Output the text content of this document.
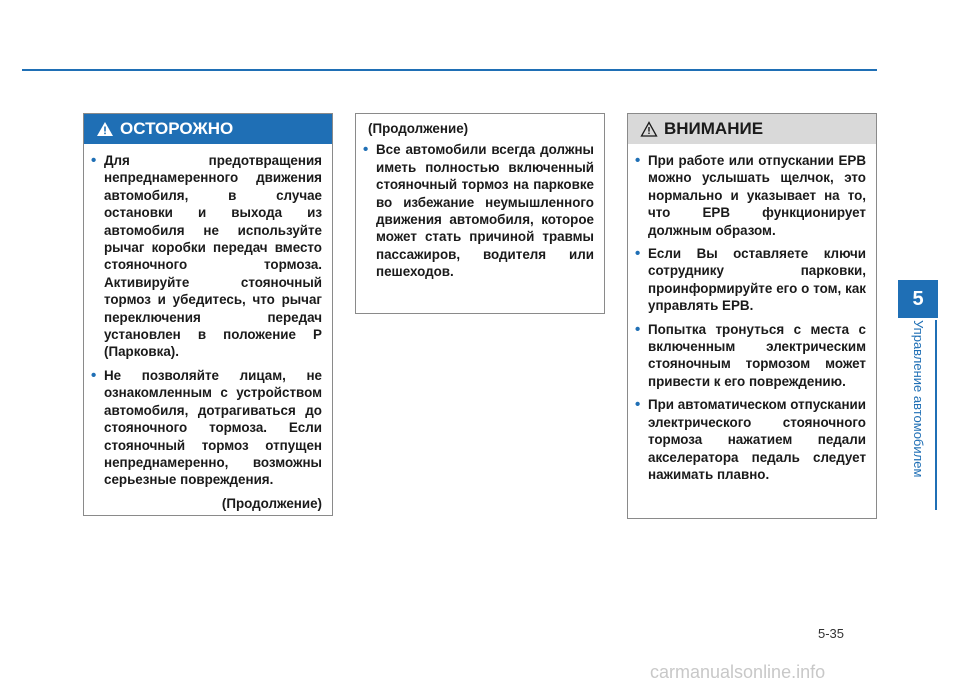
ОСТОРОЖНО
• Для предотвращения непреднамеренного движения автомобиля, в случае остановки и выхода из автомобиля не используйте рычаг коробки передач вместо стояночного тормоза. Активируйте стояночный тормоз и убедитесь, что рычаг переключения передач установлен в положение P (Парковка).
• Не позволяйте лицам, не ознакомленным с устройством автомобиля, дотрагиваться до стояночного тормоза. Если стояночный тормоз отпущен непреднамеренно, возможны серьезные повреждения.
(Продолжение)
(Продолжение)
• Все автомобили всегда должны иметь полностью включенный стояночный тормоз на парковке во избежание неумышленного движения автомобиля, которое может стать причиной травмы пассажиров, водителя или пешеходов.
ВНИМАНИЕ
• При работе или отпускании EPB можно услышать щелчок, это нормально и указывает на то, что EPB функционирует должным образом.
• Если Вы оставляете ключи сотруднику парковки, проинформируйте его о том, как управлять EPB.
• Попытка тронуться с места с включенным электрическим стояночным тормозом может привести к его повреждению.
• При автоматическом отпускании электрического стояночного тормоза нажатием педали акселератора педаль следует нажимать плавно.
5
Управление автомобилем
5-35
carmanualsonline.info
